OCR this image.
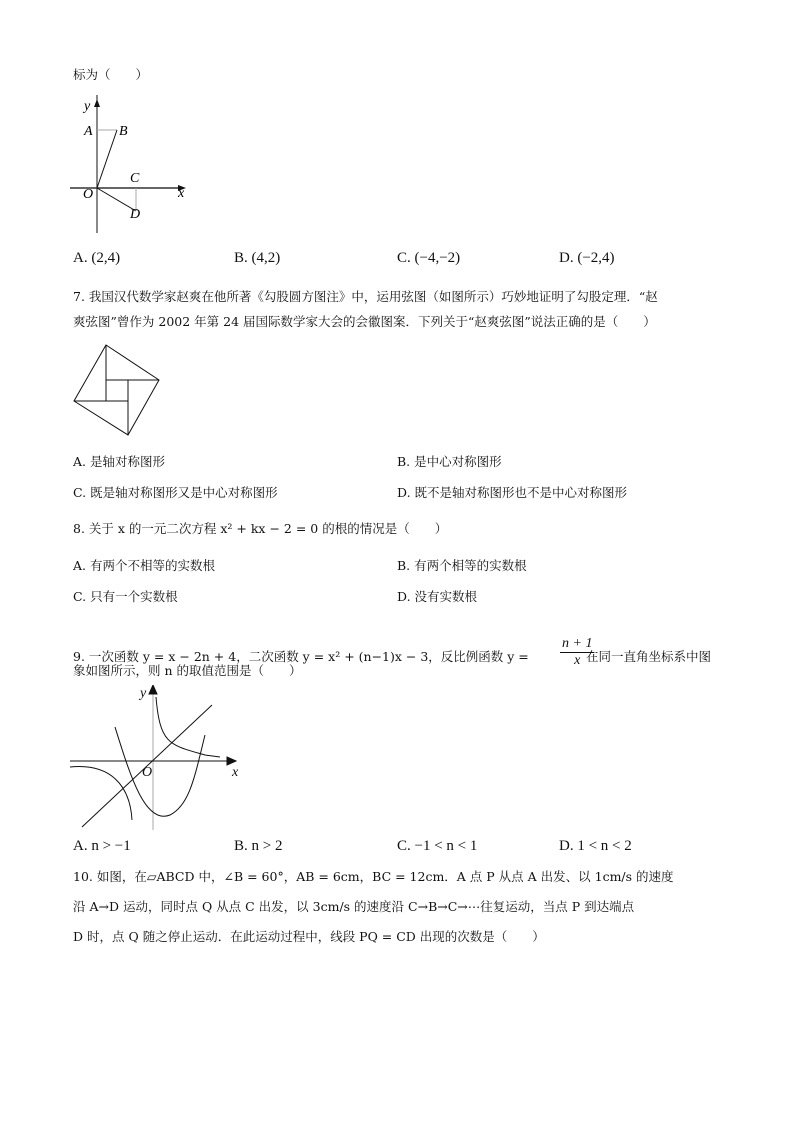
标为（　　）
y
A B
C
D
O	x
A. (2,4)	B. (4,2)	C. (−4,−2)	D. (−2,4)
7. 我国汉代数学家赵爽在他所著《勾股圆方图注》中，运用弦图（如图所示）巧妙地证明了勾股定理．“赵
爽弦图”曾作为 2002 年第 24 届国际数学家大会的会徽图案．下列关于“赵爽弦图”说法正确的是（　　）
A. 是轴对称图形	B. 是中心对称图形
C. 既是轴对称图形又是中心对称图形	D. 既不是轴对称图形也不是中心对称图形
8. 关于 x 的一元二次方程 x² + kx − 2 = 0 的根的情况是（　　）
A. 有两个不相等的实数根	B. 有两个相等的实数根
C. 只有一个实数根	D. 没有实数根
9. 一次函数 y = x − 2n + 4，二次函数 y = x² + (n−1)x − 3，反比例函数 $y = \frac{n + 1}{x}$
在同一直角坐标系中图
象如图所示，则 n 的取值范围是（　　）
y
O	x
A. n > −1	B. n > 2	C. −1 < n < 1	D. 1 < n < 2
10. 如图，在▱ABCD 中，∠B = 60°，AB = 6cm，BC = 12cm．A 点 P 从点 A 出发、以 1cm/s 的速度
沿 A→D 运动，同时点 Q 从点 C 出发，以 3cm/s 的速度沿 C→B→C→⋯往复运动，当点 P 到达端点
D 时，点 Q 随之停止运动．在此运动过程中，线段 PQ = CD 出现的次数是（　　）
